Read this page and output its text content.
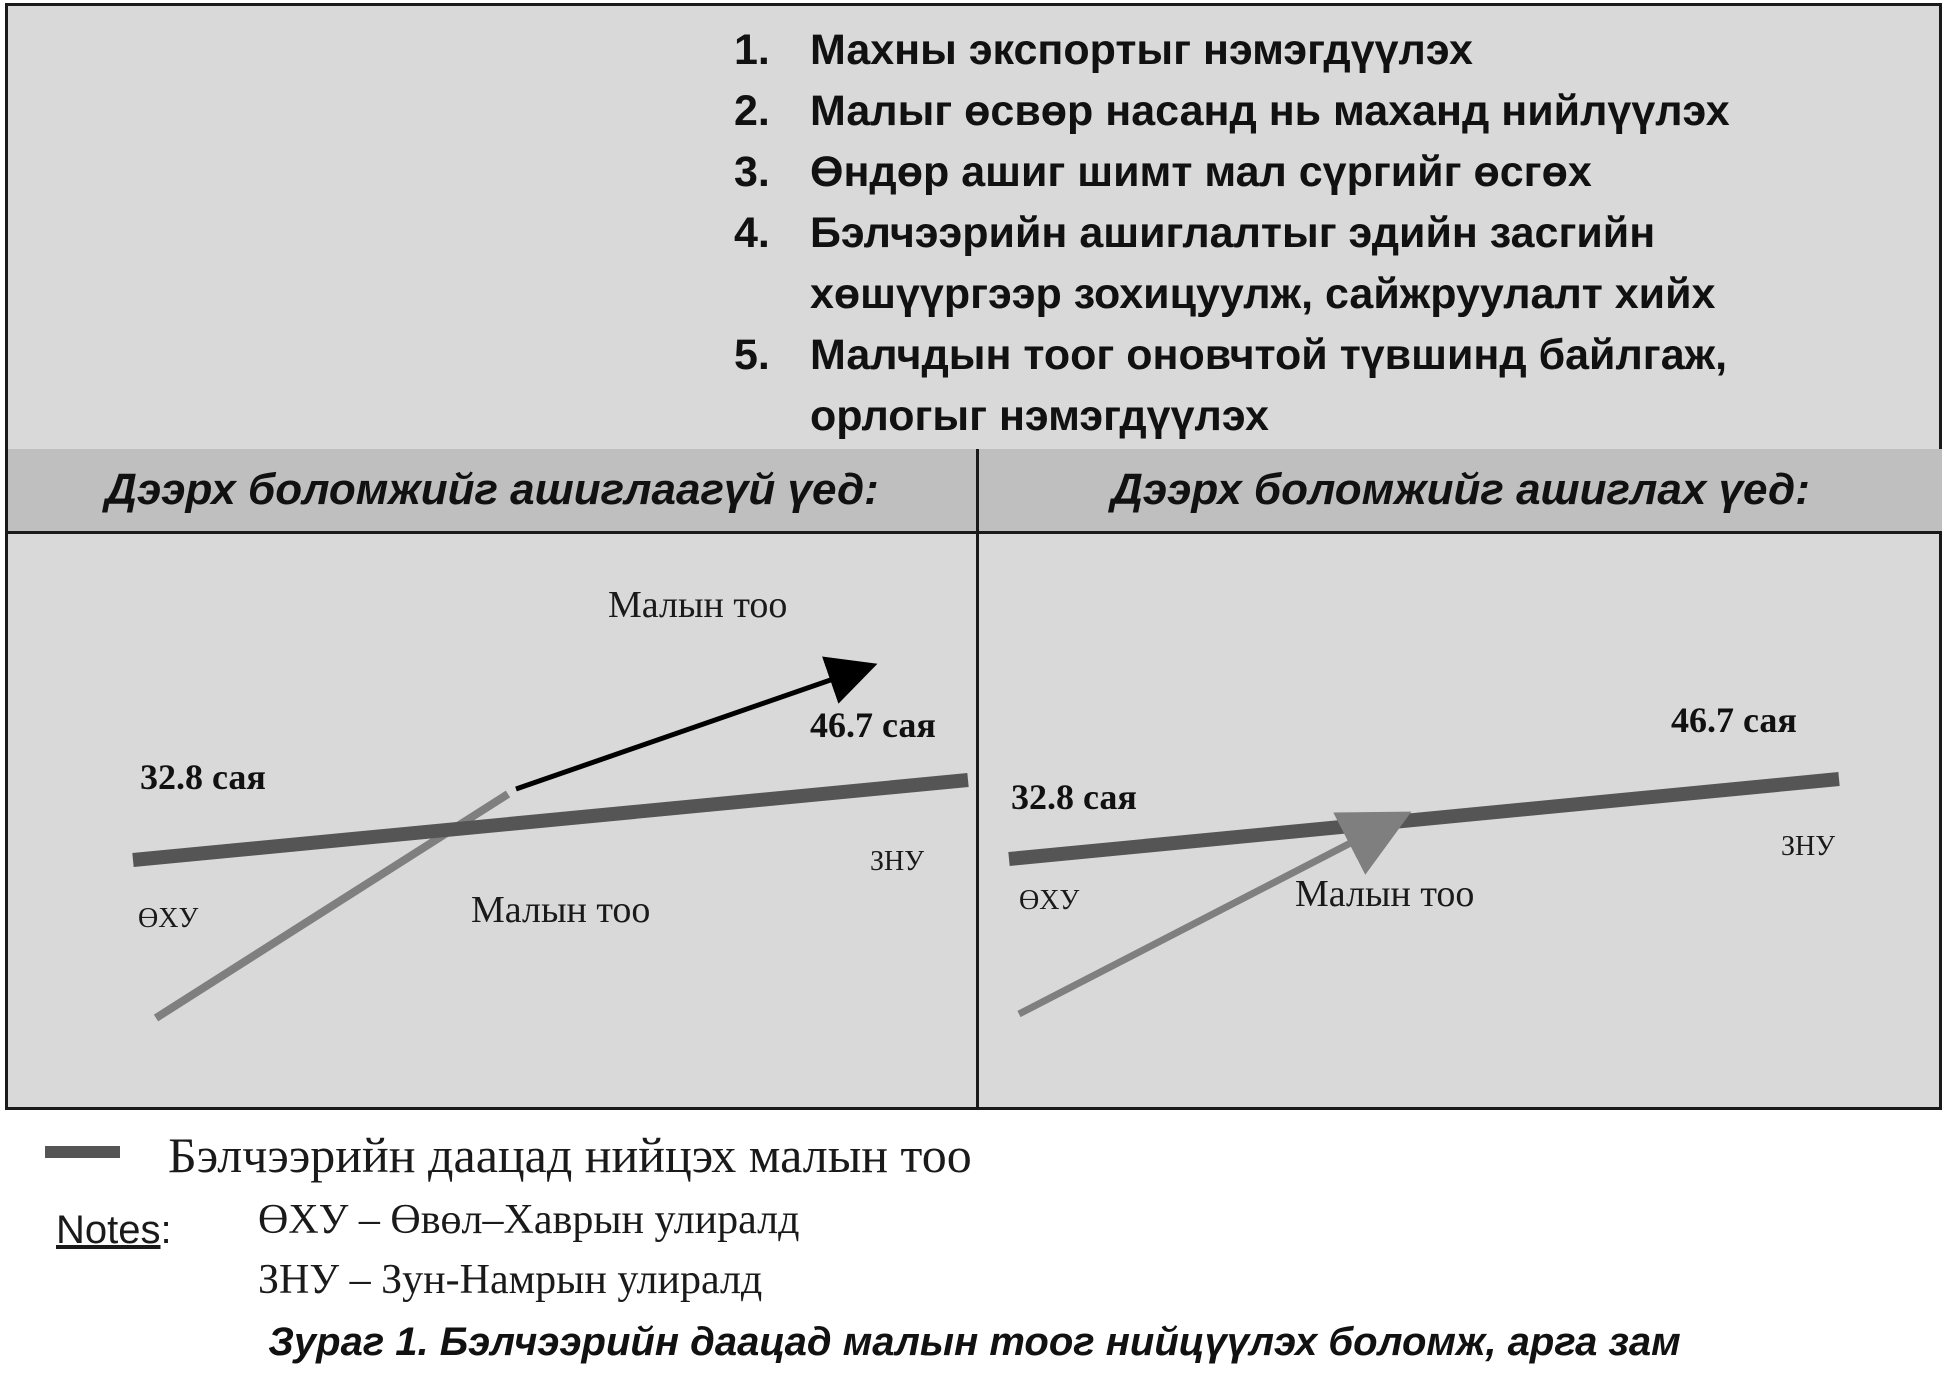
1. Махны экспортыг нэмэгдүүлэх
2. Малыг өсвөр насанд нь маханд нийлүүлэх
3. Өндөр ашиг шимт мал сүргийг өсгөх
4. Бэлчээрийн ашиглалтыг эдийн засгийн хөшүүргээр зохицуулж, сайжруулалт хийх
5. Малчдын тоог оновчтой түвшинд байлгаж, орлогыг нэмэгдүүлэх
Дээрх боломжийг ашиглаагүй үед:
Малын тоо
46.7 сая
32.8 сая
ЗНУ
ӨХУ	Малын тоо
Дээрх боломжийг ашиглах үед:
46.7 сая
32.8 сая
ЗНУ
ӨХУ	Малын тоо
Бэлчээрийн даацад нийцэх малын тоо
Notes: ӨХУ – Өвөл–Хаврын улиралд
ЗНУ – Зун-Намрын улиралд
Зураг 1. Бэлчээрийн даацад малын тоог нийцүүлэх боломж, арга зам
